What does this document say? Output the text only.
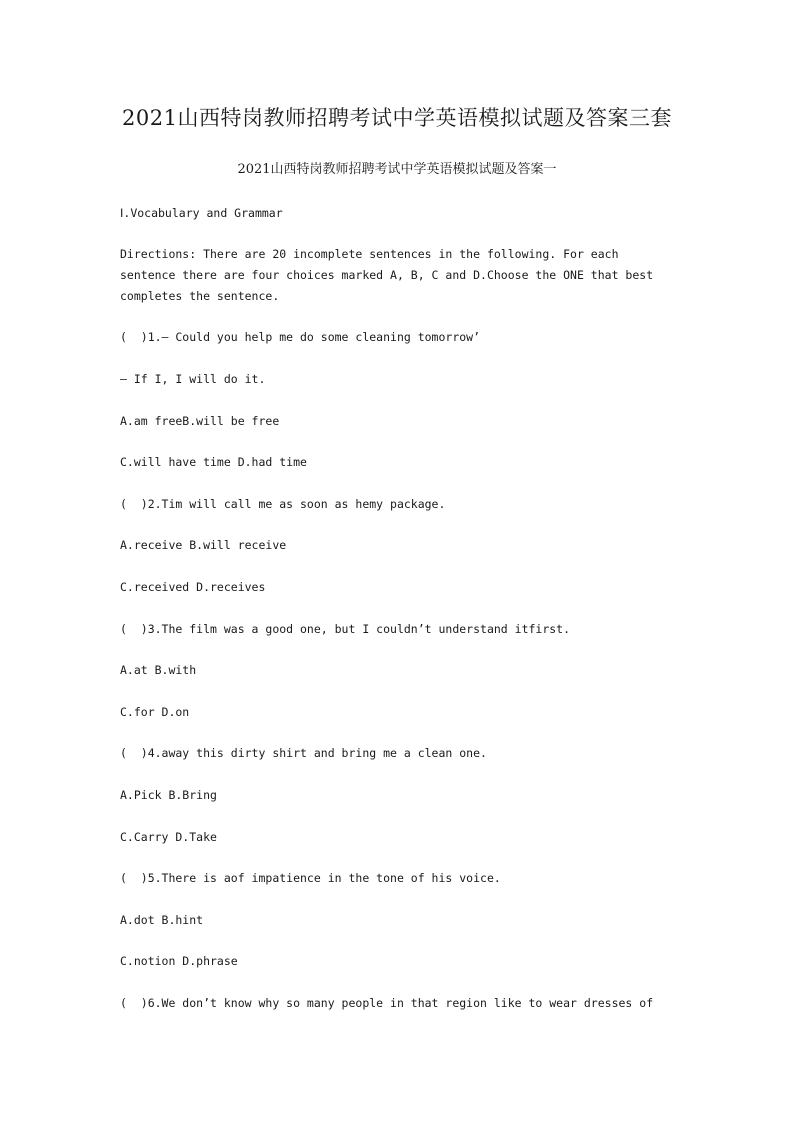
2021山西特岗教师招聘考试中学英语模拟试题及答案三套
2021山西特岗教师招聘考试中学英语模拟试题及答案一

Ⅰ.Vocabulary and Grammar

Directions: There are 20 incomplete sentences in the following. For each
sentence there are four choices marked A, B, C and D.Choose the ONE that best
completes the sentence.

(  )1.— Could you help me do some cleaning tomorrow’

— If I, I will do it.

A.am freeB.will be free

C.will have time D.had time

(  )2.Tim will call me as soon as hemy package.

A.receive B.will receive

C.received D.receives

(  )3.The film was a good one, but I couldn’t understand itfirst.

A.at B.with

C.for D.on

(  )4.away this dirty shirt and bring me a clean one.

A.Pick B.Bring

C.Carry D.Take

(  )5.There is aof impatience in the tone of his voice.

A.dot B.hint

C.notion D.phrase

(  )6.We don’t know why so many people in that region like to wear dresses of
